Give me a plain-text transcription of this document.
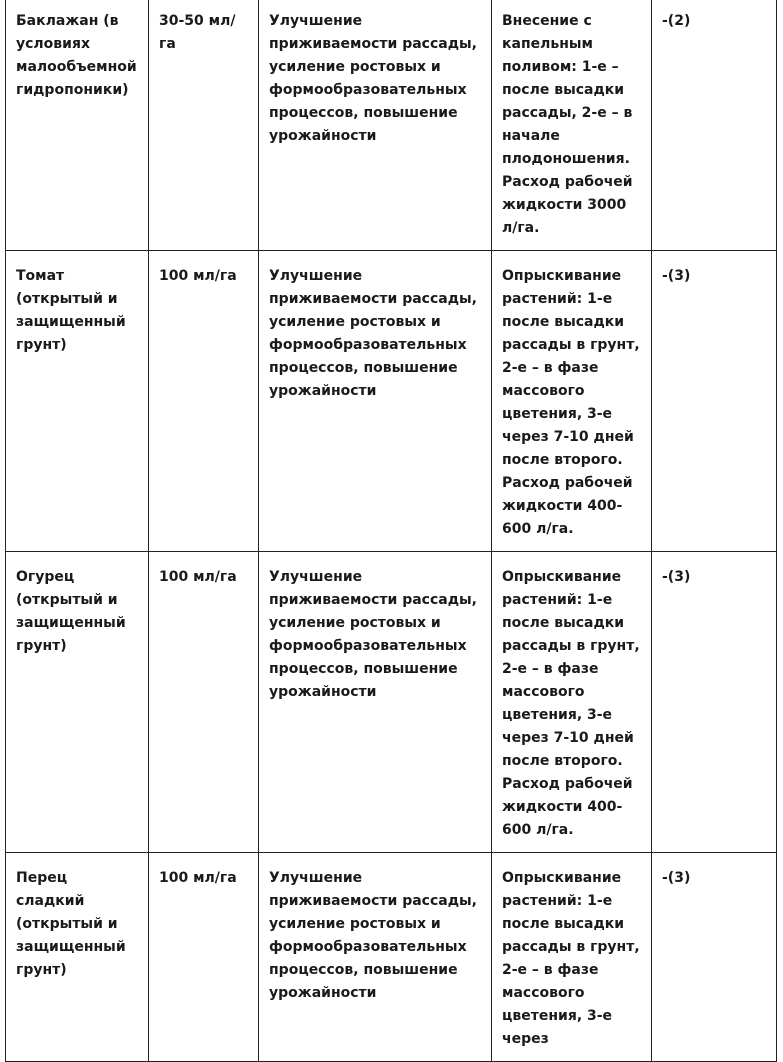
Баклажан (в условиях малообъемной гидропоники)	30-50 мл/га	Улучшение приживаемости рассады, усиление ростовых и формообразовательных процессов, повышение урожайности	Внесение с капельным поливом: 1-е – после высадки рассады, 2-е – в начале плодоношения. Расход рабочей жидкости 3000 л/га.	-(2)
Томат (открытый и защищенный грунт)	100 мл/га	Улучшение приживаемости рассады, усиление ростовых и формообразовательных процессов, повышение урожайности	Опрыскивание растений: 1-е после высадки рассады в грунт, 2-е – в фазе массового цветения, 3-е через 7-10 дней после второго. Расход рабочей жидкости 400-600 л/га.	-(3)
Огурец (открытый и защищенный грунт)	100 мл/га	Улучшение приживаемости рассады, усиление ростовых и формообразовательных процессов, повышение урожайности	Опрыскивание растений: 1-е после высадки рассады в грунт, 2-е – в фазе массового цветения, 3-е через 7-10 дней после второго. Расход рабочей жидкости 400-600 л/га.	-(3)
Перец сладкий (открытый и защищенный грунт)	100 мл/га	Улучшение приживаемости рассады, усиление ростовых и формообразовательных процессов, повышение урожайности	Опрыскивание растений: 1-е после высадки рассады в грунт, 2-е – в фазе массового цветения, 3-е через	-(3)
